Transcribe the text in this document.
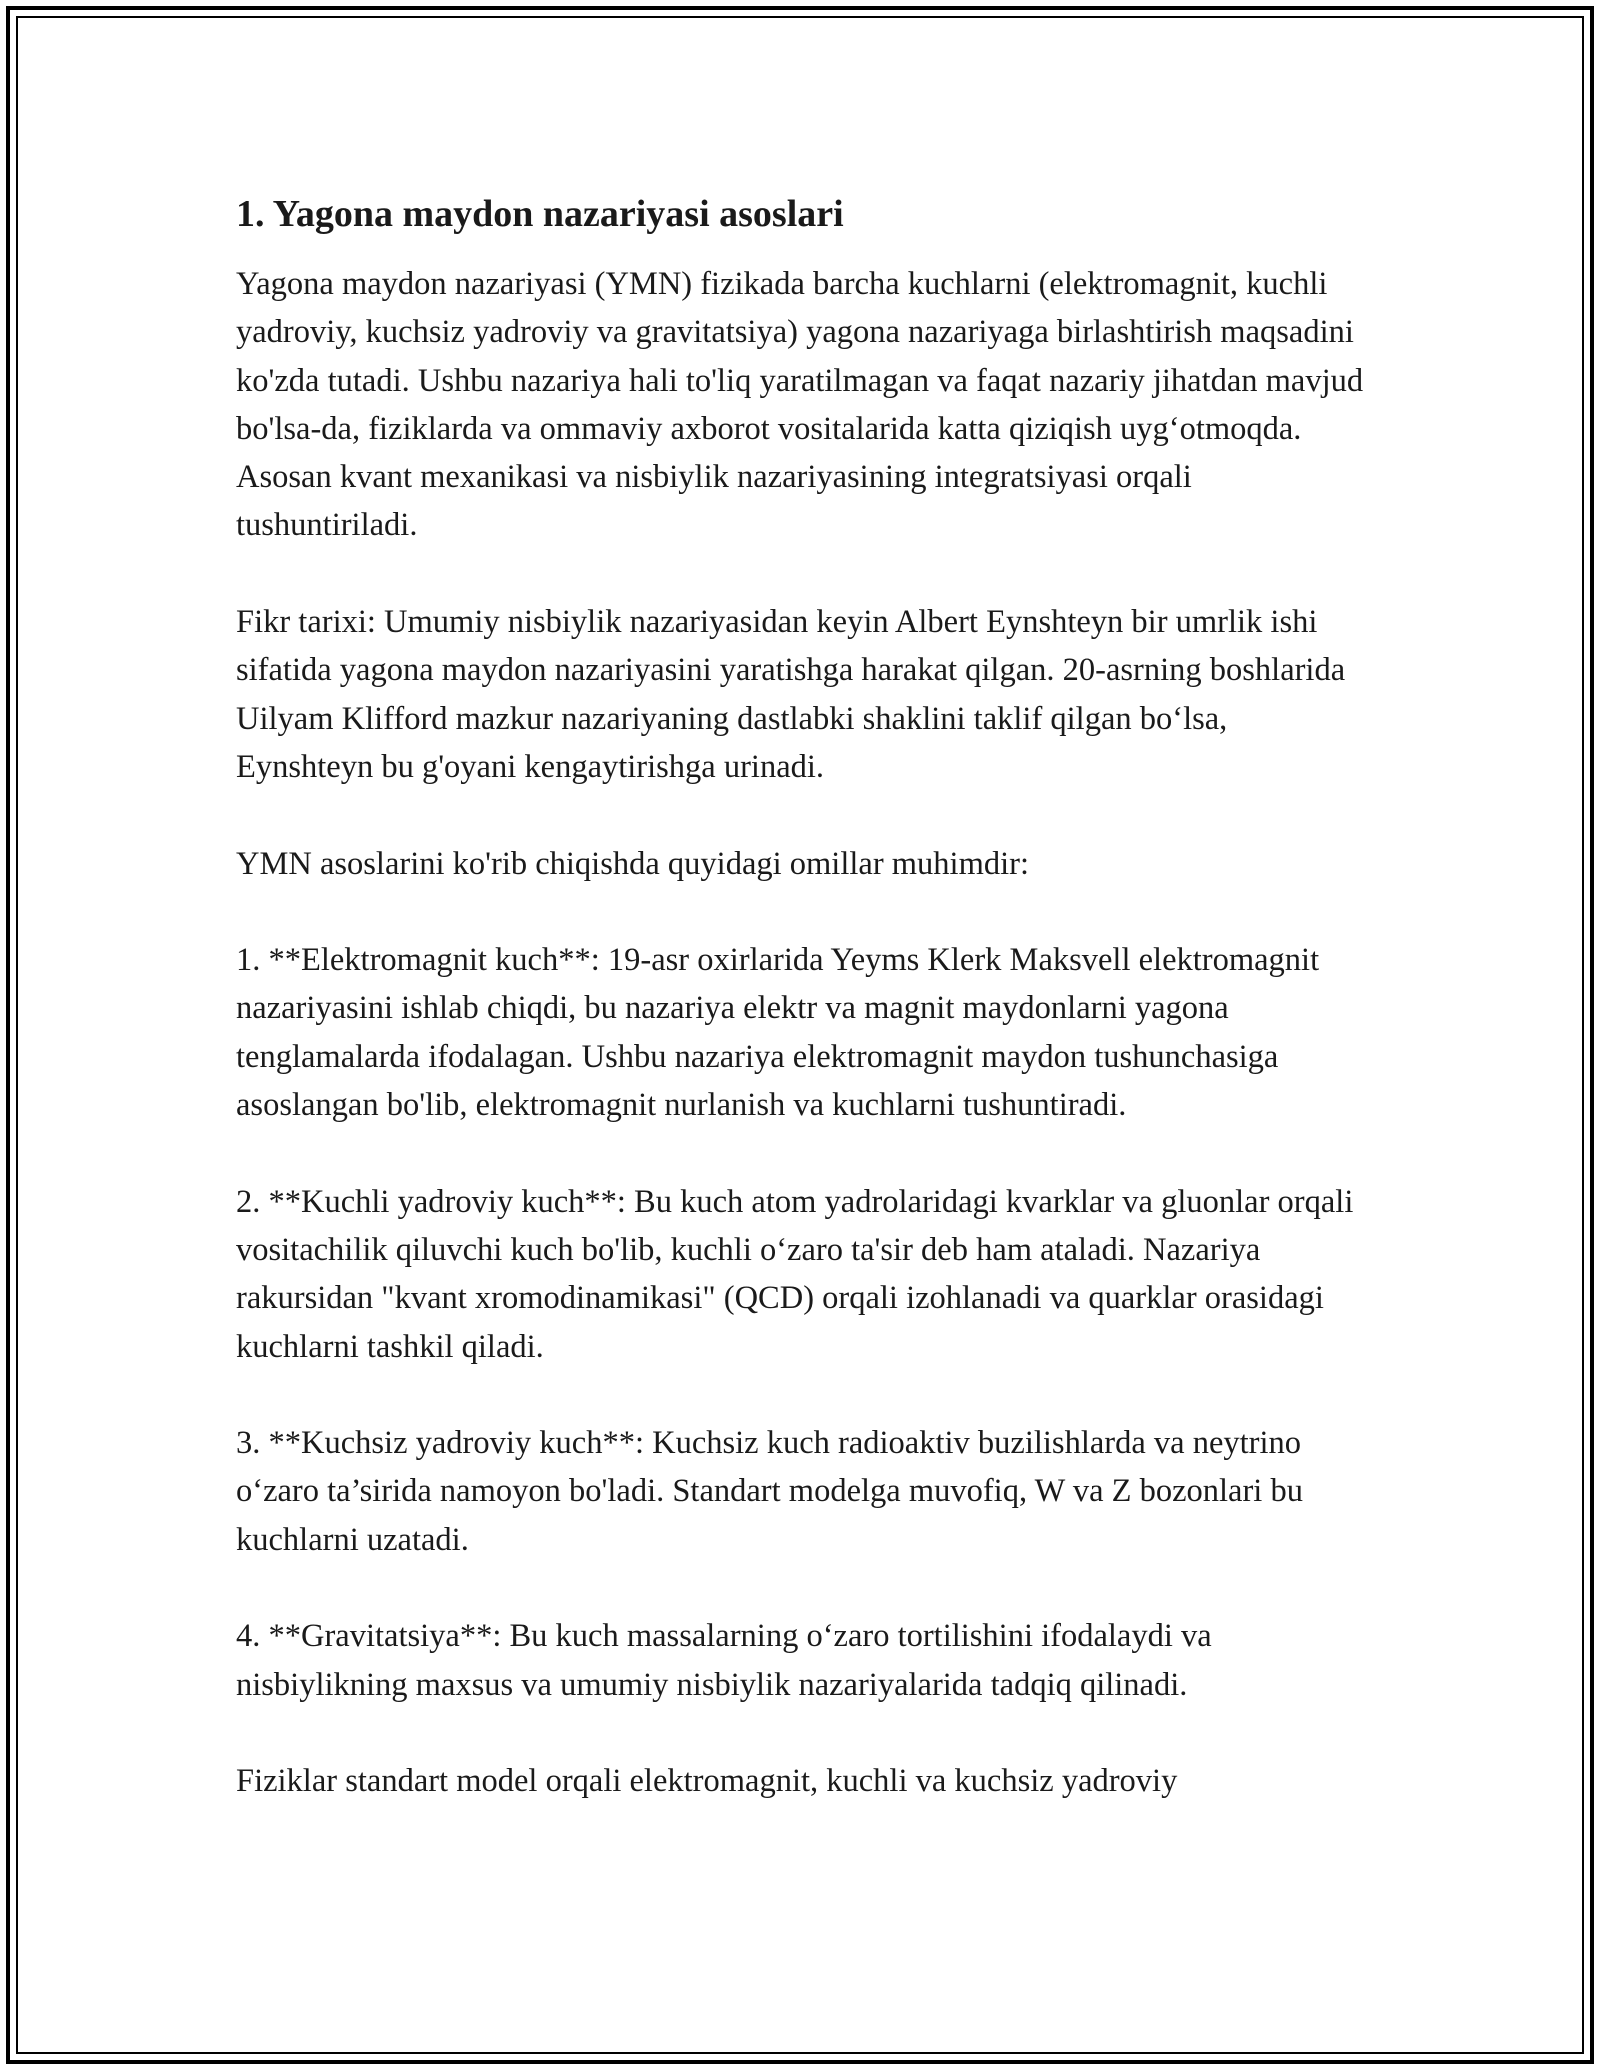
1. Yagona maydon nazariyasi asoslari

Yagona maydon nazariyasi (YMN) fizikada barcha kuchlarni (elektromagnit, kuchli yadroviy, kuchsiz yadroviy va gravitatsiya) yagona nazariyaga birlashtirish maqsadini ko'zda tutadi. Ushbu nazariya hali to'liq yaratilmagan va faqat nazariy jihatdan mavjud bo'lsa-da, fiziklarda va ommaviy axborot vositalarida katta qiziqish uyg‘otmoqda. Asosan kvant mexanikasi va nisbiylik nazariyasining integratsiyasi orqali tushuntiriladi.

Fikr tarixi: Umumiy nisbiylik nazariyasidan keyin Albert Eynshteyn bir umrlik ishi sifatida yagona maydon nazariyasini yaratishga harakat qilgan. 20-asrning boshlarida Uilyam Klifford mazkur nazariyaning dastlabki shaklini taklif qilgan bo‘lsa, Eynshteyn bu g'oyani kengaytirishga urinadi.

YMN asoslarini ko'rib chiqishda quyidagi omillar muhimdir:

1. **Elektromagnit kuch**: 19-asr oxirlarida Yeyms Klerk Maksvell elektromagnit nazariyasini ishlab chiqdi, bu nazariya elektr va magnit maydonlarni yagona tenglamalarda ifodalagan. Ushbu nazariya elektromagnit maydon tushunchasiga asoslangan bo'lib, elektromagnit nurlanish va kuchlarni tushuntiradi.

2. **Kuchli yadroviy kuch**: Bu kuch atom yadrolaridagi kvarklar va gluonlar orqali vositachilik qiluvchi kuch bo'lib, kuchli o‘zaro ta'sir deb ham ataladi. Nazariya rakursidan "kvant xromodinamikasi" (QCD) orqali izohlanadi va quarklar orasidagi kuchlarni tashkil qiladi.

3. **Kuchsiz yadroviy kuch**: Kuchsiz kuch radioaktiv buzilishlarda va neytrino o‘zaro ta’sirida namoyon bo'ladi. Standart modelga muvofiq, W va Z bozonlari bu kuchlarni uzatadi.

4. **Gravitatsiya**: Bu kuch massalarning o‘zaro tortilishini ifodalaydi va nisbiylikning maxsus va umumiy nisbiylik nazariyalarida tadqiq qilinadi.

Fiziklar standart model orqali elektromagnit, kuchli va kuchsiz yadroviy
